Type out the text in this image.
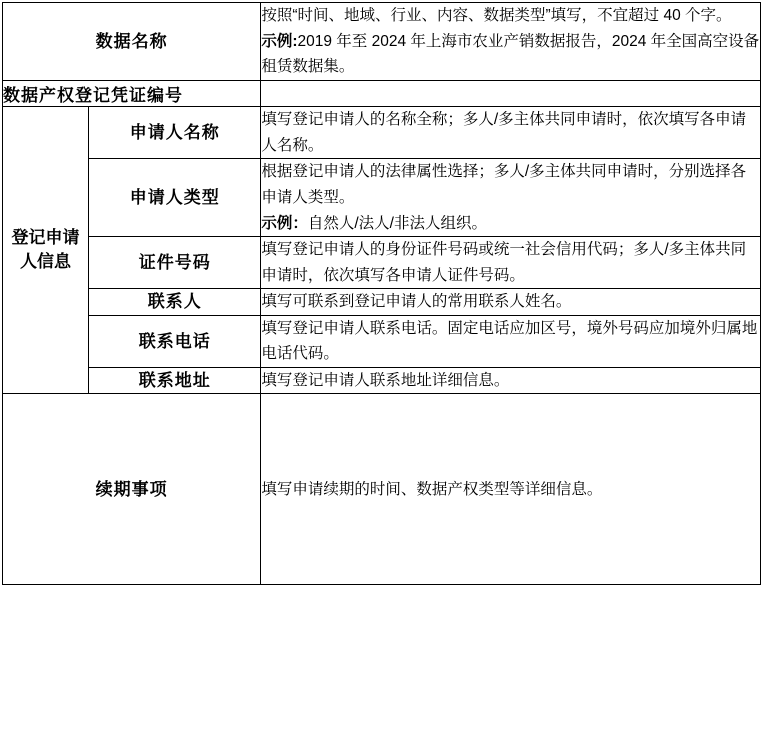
数据名称		按照“时间、地域、行业、内容、数据类型”填写，不宜超过 40 个字。

示例:2019 年至 2024 年上海市农业产销数据报告，2024 年全国高空设备租赁数据集。

数据产权登记凭证编号		
登记申请人信息	申请人名称	填写登记申请人的名称全称；多人/多主体共同申请时，依次填写各申请人名称。

	申请人类型	根据登记申请人的法律属性选择；多人/多主体共同申请时，分别选择各申请人类型。

示例：自然人/法人/非法人组织。

	证件号码	填写登记申请人的身份证件号码或统一社会信用代码；多人/多主体共同申请时，依次填写各申请人证件号码。

	联系人	填写可联系到登记申请人的常用联系人姓名。

	联系电话	填写登记申请人联系电话。固定电话应加区号，境外号码应加境外归属地电话代码。

	联系地址	填写登记申请人联系地址详细信息。

续期事项		填写申请续期的时间、数据产权类型等详细信息。
